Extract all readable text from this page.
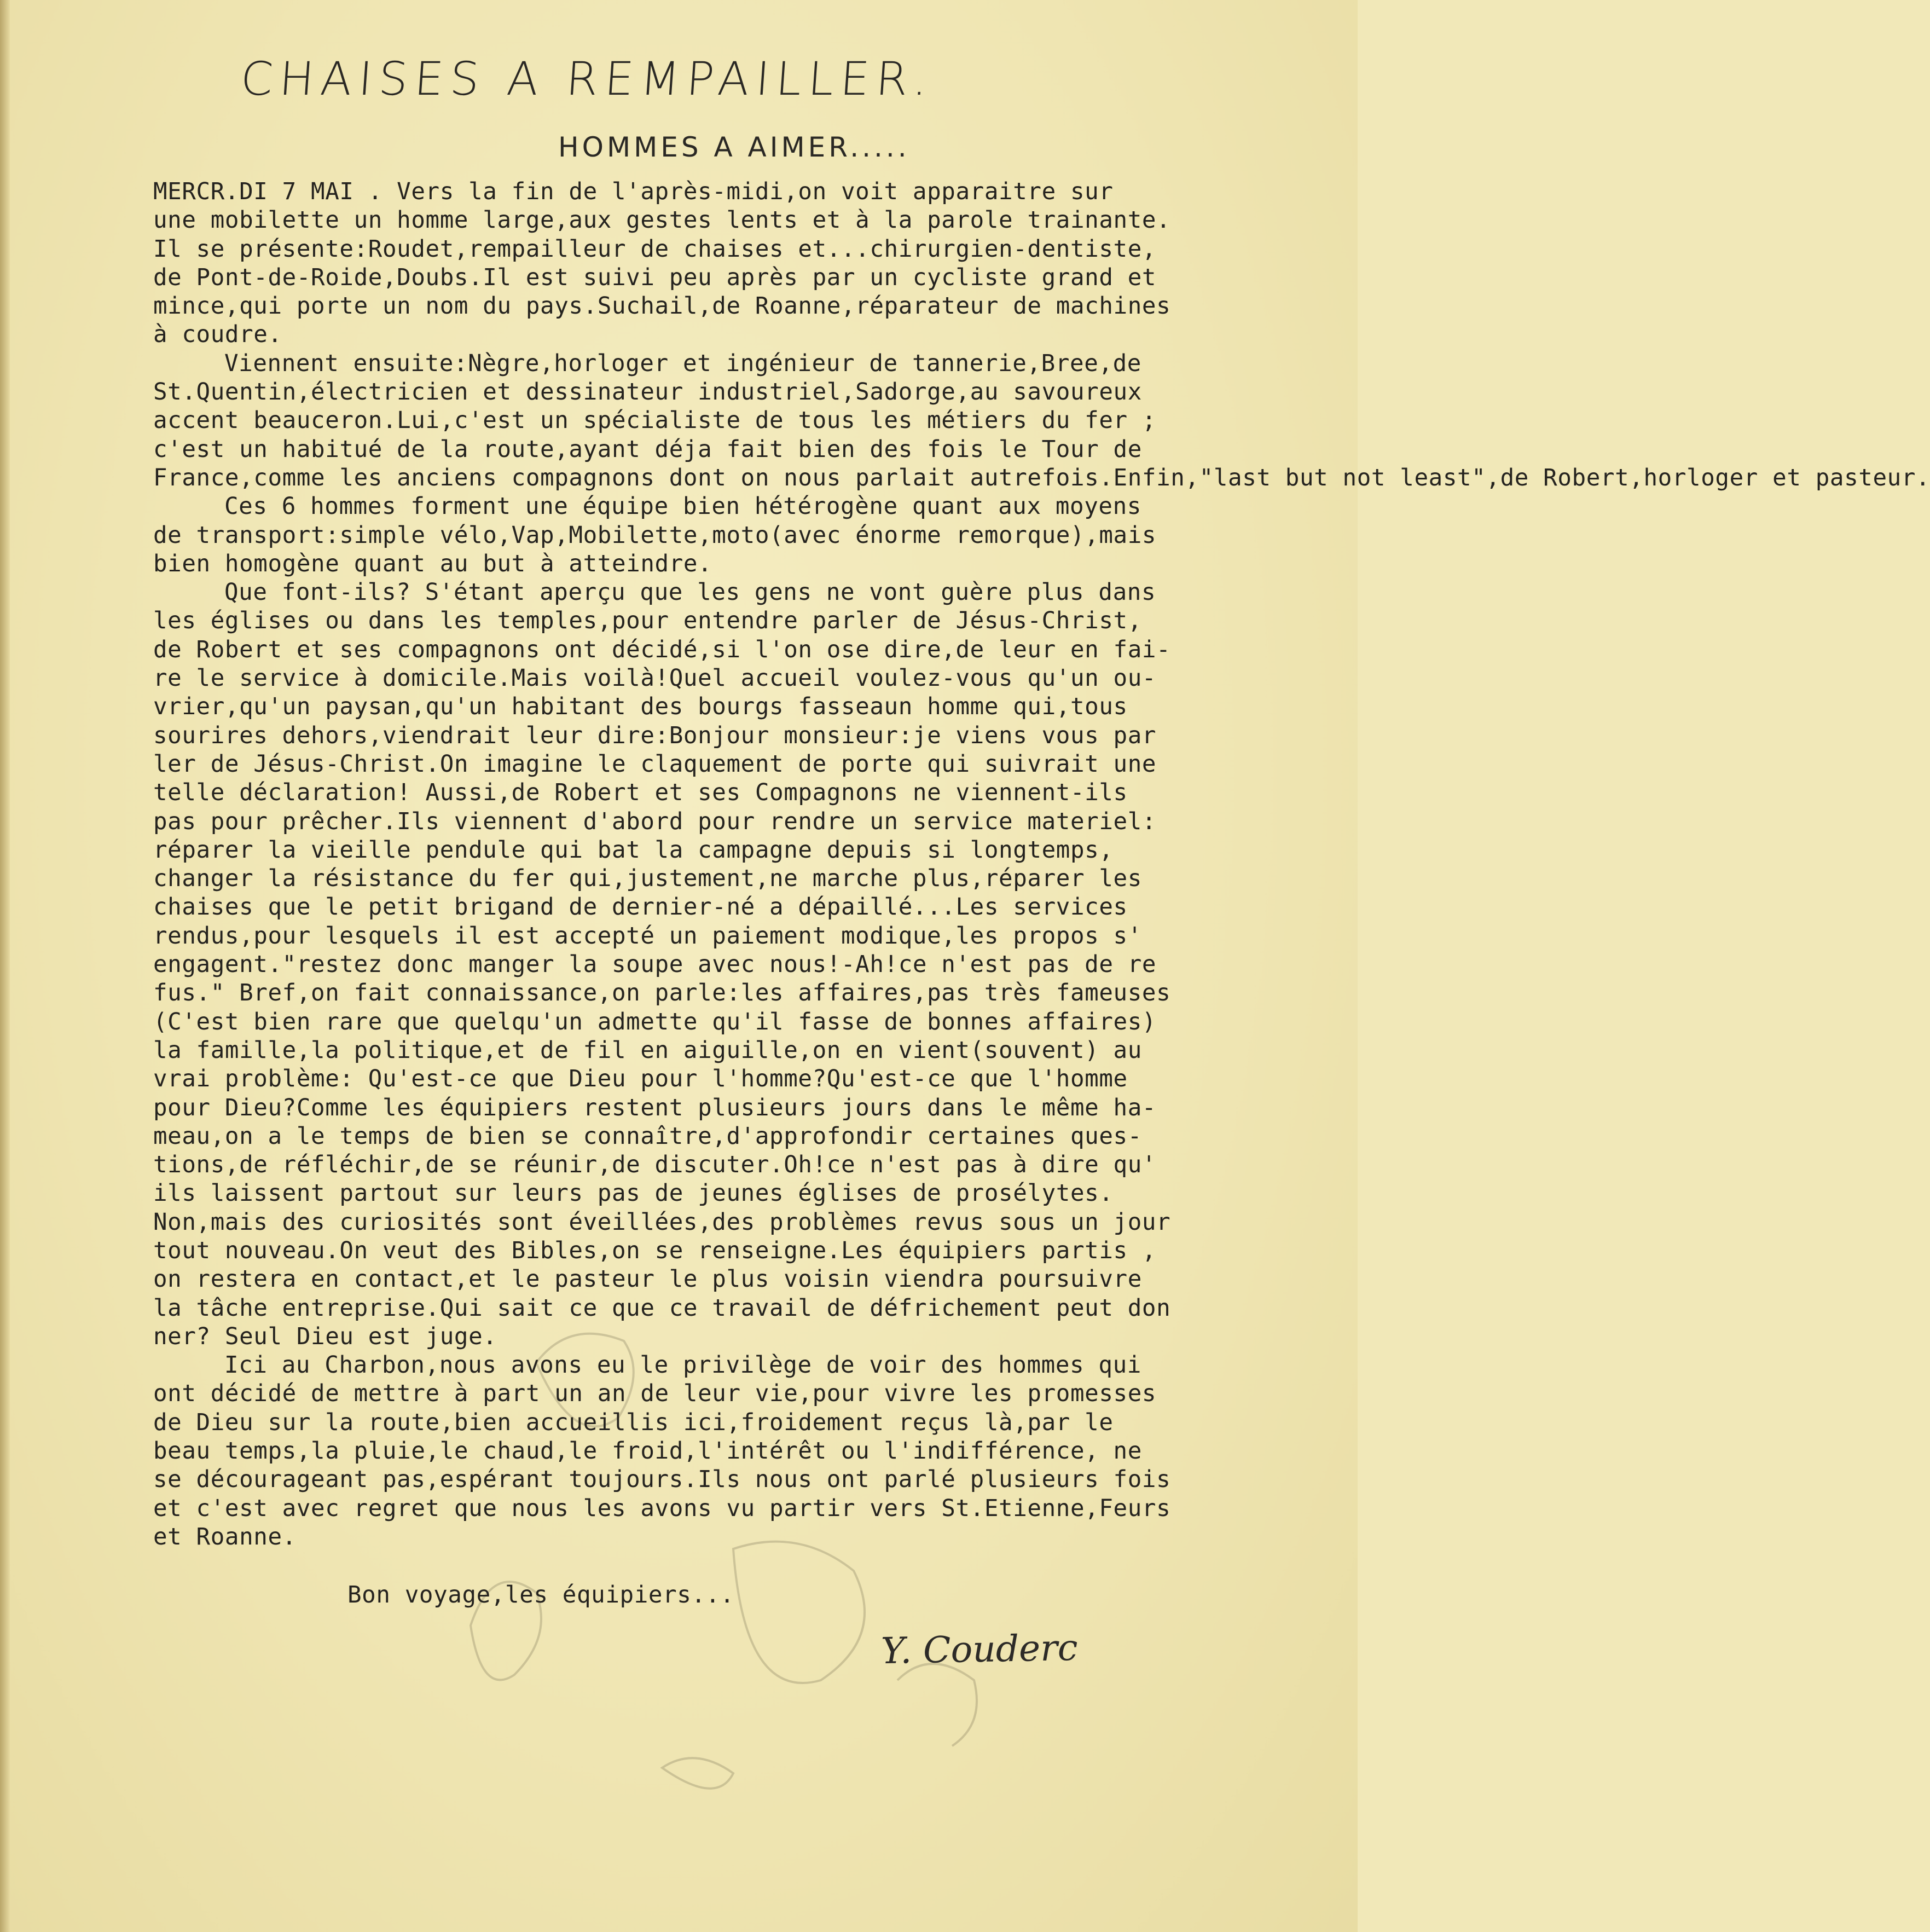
CHAISES A REMPAILLER.
HOMMES A AIMER.....
MERCR.DI 7 MAI . Vers la fin de l'après-midi,on voit apparaitre sur
une mobilette un homme large,aux gestes lents et à la parole trainante.
Il se présente:Roudet,rempailleur de chaises et...chirurgien-dentiste,
de Pont-de-Roide,Doubs.Il est suivi peu après par un cycliste grand et
mince,qui porte un nom du pays.Suchail,de Roanne,réparateur de machines
à coudre.
Viennent ensuite:Nègre,horloger et ingénieur de tannerie,Bree,de
St.Quentin,électricien et dessinateur industriel,Sadorge,au savoureux
accent beauceron.Lui,c'est un spécialiste de tous les métiers du fer ;
c'est un habitué de la route,ayant déja fait bien des fois le Tour de
France,comme les anciens compagnons dont on nous parlait autrefois.Enfin,"last but not least",de Robert,horloger et pasteur.
Ces 6 hommes forment une équipe bien hétérogène quant aux moyens
de transport:simple vélo,Vap,Mobilette,moto(avec énorme remorque),mais
bien homogène quant au but à atteindre.
Que font-ils? S'étant aperçu que les gens ne vont guère plus dans
les églises ou dans les temples,pour entendre parler de Jésus-Christ,
de Robert et ses compagnons ont décidé,si l'on ose dire,de leur en fai-
re le service à domicile.Mais voilà!Quel accueil voulez-vous qu'un ou-
vrier,qu'un paysan,qu'un habitant des bourgs fasseaun homme qui,tous
sourires dehors,viendrait leur dire:Bonjour monsieur:je viens vous par
ler de Jésus-Christ.On imagine le claquement de porte qui suivrait une
telle déclaration! Aussi,de Robert et ses Compagnons ne viennent-ils
pas pour prêcher.Ils viennent d'abord pour rendre un service materiel:
réparer la vieille pendule qui bat la campagne depuis si longtemps,
changer la résistance du fer qui,justement,ne marche plus,réparer les
chaises que le petit brigand de dernier-né a dépaillé...Les services
rendus,pour lesquels il est accepté un paiement modique,les propos s'
engagent."restez donc manger la soupe avec nous!-Ah!ce n'est pas de re
fus." Bref,on fait connaissance,on parle:les affaires,pas très fameuses
(C'est bien rare que quelqu'un admette qu'il fasse de bonnes affaires)
la famille,la politique,et de fil en aiguille,on en vient(souvent) au
vrai problème: Qu'est-ce que Dieu pour l'homme?Qu'est-ce que l'homme
pour Dieu?Comme les équipiers restent plusieurs jours dans le même ha-
meau,on a le temps de bien se connaître,d'approfondir certaines ques-
tions,de réfléchir,de se réunir,de discuter.Oh!ce n'est pas à dire qu'
ils laissent partout sur leurs pas de jeunes églises de prosélytes.
Non,mais des curiosités sont éveillées,des problèmes revus sous un jour
tout nouveau.On veut des Bibles,on se renseigne.Les équipiers partis ,
on restera en contact,et le pasteur le plus voisin viendra poursuivre
la tâche entreprise.Qui sait ce que ce travail de défrichement peut don
ner? Seul Dieu est juge.
Ici au Charbon,nous avons eu le privilège de voir des hommes qui
ont décidé de mettre à part un an de leur vie,pour vivre les promesses
de Dieu sur la route,bien accueillis ici,froidement reçus là,par le
beau temps,la pluie,le chaud,le froid,l'intérêt ou l'indifférence, ne
se décourageant pas,espérant toujours.Ils nous ont parlé plusieurs fois
et c'est avec regret que nous les avons vu partir vers St.Etienne,Feurs
et Roanne.
Bon voyage,les équipiers...
Y. Couderc
